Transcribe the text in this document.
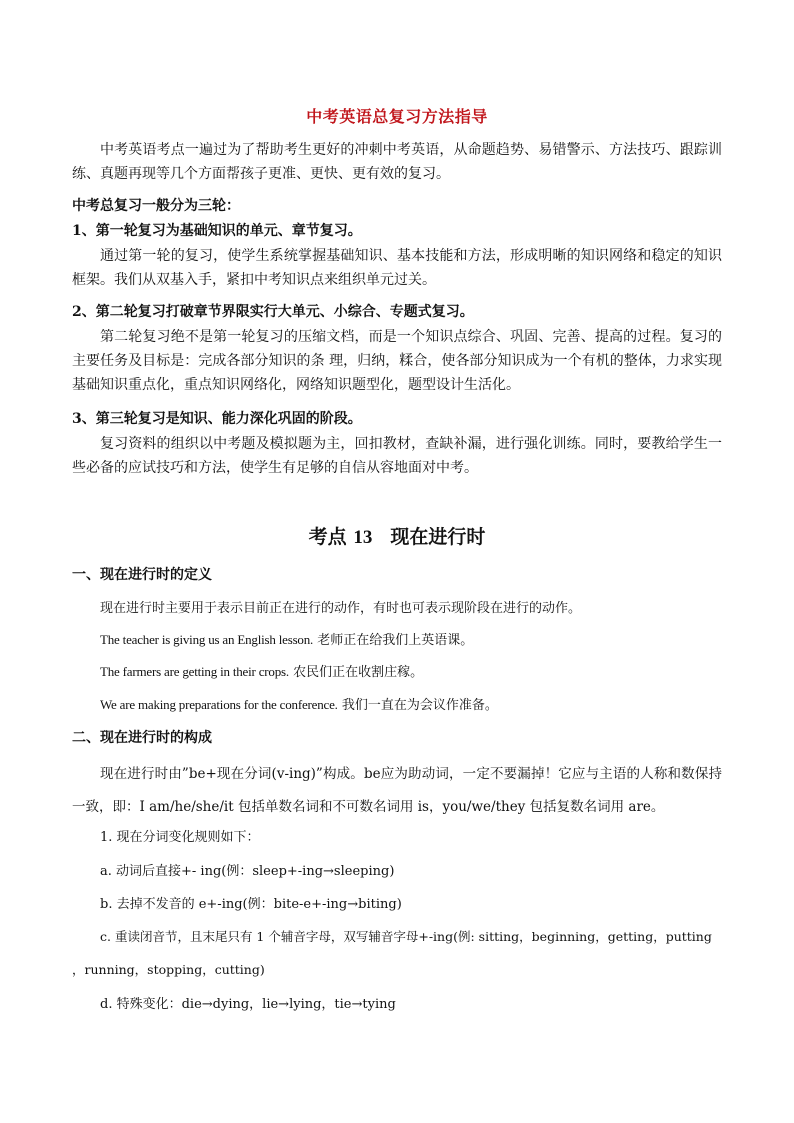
中考英语总复习方法指导

中考英语考点一遍过为了帮助考生更好的冲刺中考英语，从命题趋势、易错警示、方法技巧、跟踪训练、真题再现等几个方面帮孩子更准、更快、更有效的复习。

中考总复习一般分为三轮：

1、第一轮复习为基础知识的单元、章节复习。

通过第一轮的复习，使学生系统掌握基础知识、基本技能和方法，形成明晰的知识网络和稳定的知识框架。我们从双基入手，紧扣中考知识点来组织单元过关。

2、第二轮复习打破章节界限实行大单元、小综合、专题式复习。

第二轮复习绝不是第一轮复习的压缩文档，而是一个知识点综合、巩固、完善、提高的过程。复习的主要任务及目标是：完成各部分知识的条 理，归纳，糅合，使各部分知识成为一个有机的整体，力求实现基础知识重点化，重点知识网络化，网络知识题型化，题型设计生活化。

3、第三轮复习是知识、能力深化巩固的阶段。

复习资料的组织以中考题及模拟题为主，回扣教材，查缺补漏，进行强化训练。同时，要教给学生一些必备的应试技巧和方法，使学生有足够的自信从容地面对中考。

考点 13 现在进行时
一、现在进行时的定义
现在进行时主要用于表示目前正在进行的动作，有时也可表示现阶段在进行的动作。
The teacher is giving us an English lesson. 老师正在给我们上英语课。
The farmers are getting in their crops. 农民们正在收割庄稼。
We are making preparations for the conference. 我们一直在为会议作准备。
二、现在进行时的构成

现在进行时由”be+现在分词(v-ing)”构成。be应为助动词，一定不要漏掉！它应与主语的人称和数保持一致，即：I am/he/she/it 包括单数名词和不可数名词用 is，you/we/they 包括复数名词用 are。

1. 现在分词变化规则如下：
a. 动词后直接+- ing(例：sleep+-ing→sleeping)
b. 去掉不发音的 e+-ing(例：bite-e+-ing→biting)
c. 重读闭音节，且末尾只有 1 个辅音字母，双写辅音字母+-ing(例: sitting，beginning，getting，putting
，running，stopping，cutting)
d. 特殊变化：die→dying，lie→lying，tie→tying
